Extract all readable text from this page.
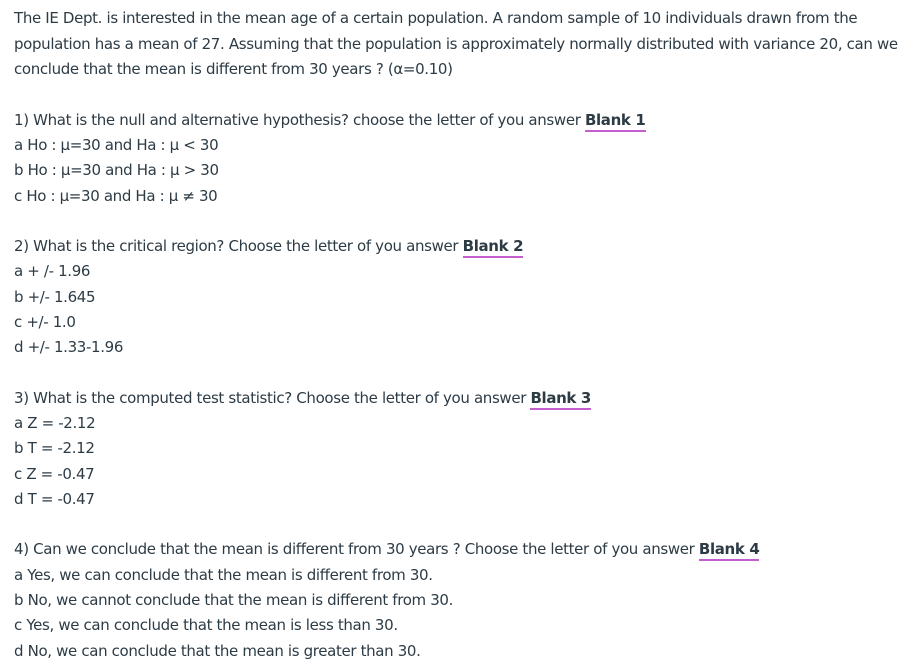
The IE Dept. is interested in the mean age of a certain population. A random sample of 10 individuals drawn from the population has a mean of 27. Assuming that the population is approximately normally distributed with variance 20, can we conclude that the mean is different from 30 years ? (α=0.10)

1) What is the null and alternative hypothesis? choose the letter of you answer Blank 1

a Ho : μ=30 and Ha : μ < 30
b Ho : μ=30 and Ha : μ > 30
c Ho : μ=30 and Ha : μ ≠ 30

2) What is the critical region? Choose the letter of you answer Blank 2

a + /- 1.96
b +/- 1.645
c +/- 1.0
d +/- 1.33-1.96

3) What is the computed test statistic? Choose the letter of you answer Blank 3

a Z = -2.12
b T = -2.12
c Z = -0.47
d T = -0.47

4) Can we conclude that the mean is different from 30 years ? Choose the letter of you answer Blank 4

a Yes, we can conclude that the mean is different from 30.
b No, we cannot conclude that the mean is different from 30.
c Yes, we can conclude that the mean is less than 30.
d No, we can conclude that the mean is greater than 30.
